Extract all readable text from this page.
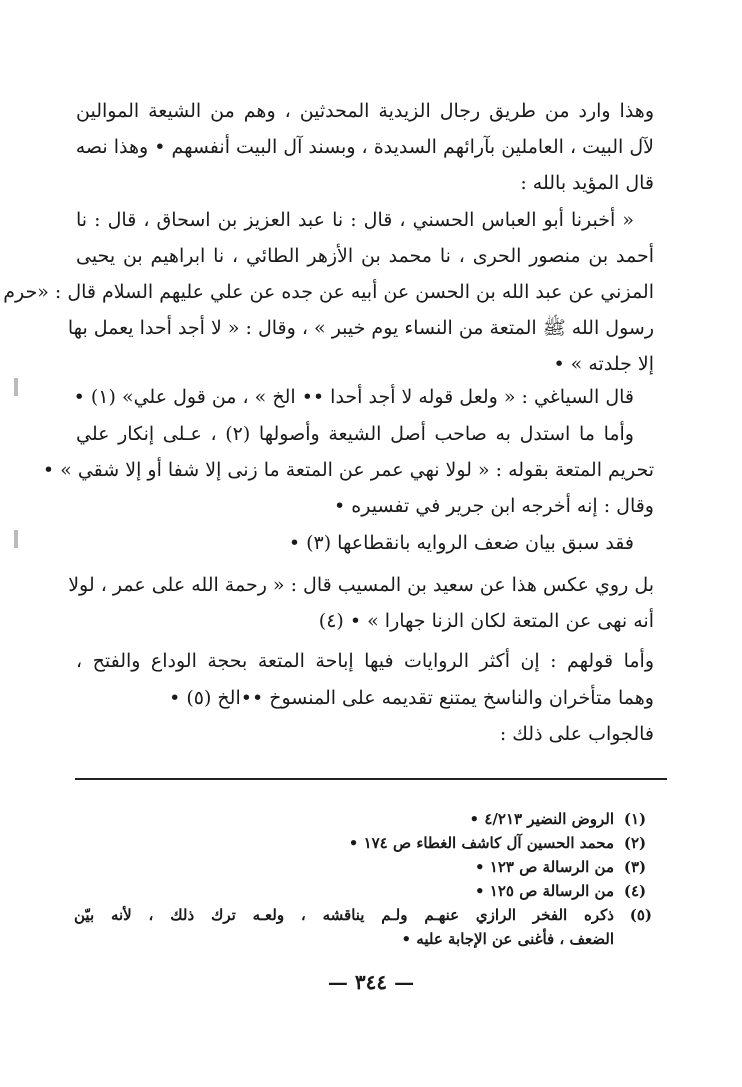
وهذا وارد من طريق رجال الزيدية المحدثين ، وهم من الشيعة الموالين
لآل البيت ، العاملين بآرائهم السديدة ، وبسند آل البيت أنفسهم • وهذا نصه
قال المؤيد بالله :
« أخبرنا أبو العباس الحسني ، قال : نا عبد العزيز بن اسحاق ، قال : نا
أحمد بن منصور الحرى ، نا محمد بن الأزهر الطائي ، نا ابراهيم بن يحيى
المزني عن عبد الله بن الحسن عن أبيه عن جده عن علي عليهم السلام قال : «حرم
رسول الله ﷺ المتعة من النساء يوم خيبر » ، وقال : « لا أجد أحدا يعمل بها
إلا جلدته » •
قال السياغي : « ولعل قوله لا أجد أحدا •• الخ » ، من قول علي» (١) •
وأما ما استدل به صاحب أصل الشيعة وأصولها (٢) ، عـلى إنكار علي
تحريم المتعة بقوله : « لولا نهي عمر عن المتعة ما زنى إلا شفا أو إلا شقي » •
وقال : إنه أخرجه ابن جرير في تفسيره •
فقد سبق بيان ضعف الروايه بانقطاعها (٣) •
بل روي عكس هذا عن سعيد بن المسيب قال : « رحمة الله على عمر ، لولا
أنه نهى عن المتعة لكان الزنا جهارا » • (٤)
وأما قولهم : إن أكثر الروايات فيها إباحة المتعة بحجة الوداع والفتح ،
وهما متأخران والناسخ يمتنع تقديمه على المنسوخ ••الخ (٥) •
فالجواب على ذلك :
(١)
الروض النضير ٤/٢١٣ •
(٢)
محمد الحسين آل كاشف الغطاء ص ١٧٤ •
(٣)
من الرسالة ص ١٢٣ •
(٤)
من الرسالة ص ١٢٥ •
(٥)
ذكره الفخر الرازي عنهـم ولـم يناقشه ، ولعـه ترك ذلك ، لأنه بيّن
الضعف ، فأغنى عن الإجابة عليه •
— ٣٤٤ —
